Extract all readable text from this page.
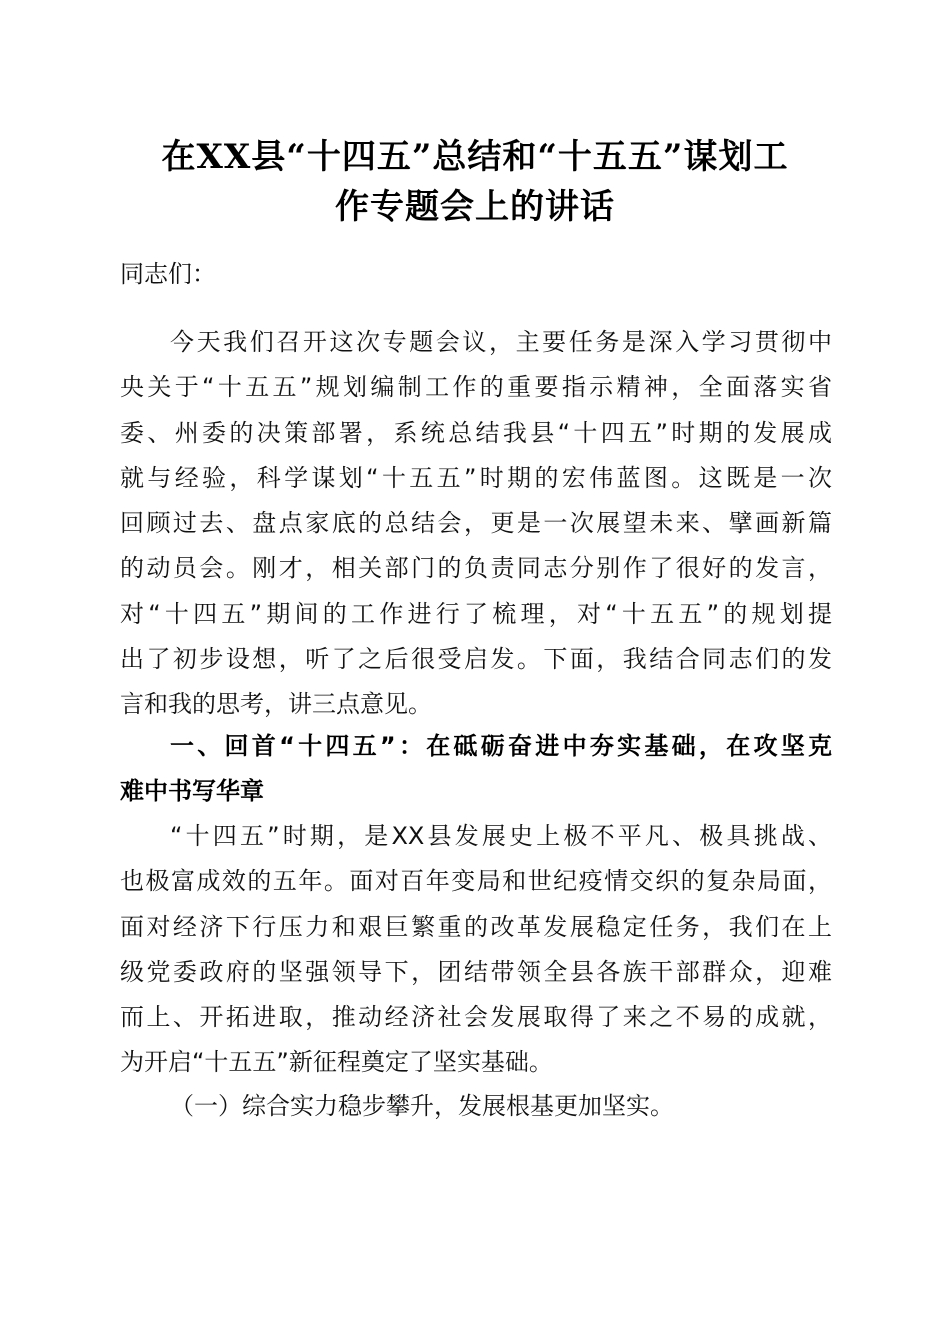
在XX县“十四五”总结和“十五五”谋划工
作专题会上的讲话
同志们：
今天我们召开这次专题会议，主要任务是深入学习贯彻中
央关于“十五五”规划编制工作的重要指示精神，全面落实省
委、州委的决策部署，系统总结我县“十四五”时期的发展成
就与经验，科学谋划“十五五”时期的宏伟蓝图。这既是一次
回顾过去、盘点家底的总结会，更是一次展望未来、擘画新篇
的动员会。刚才，相关部门的负责同志分别作了很好的发言，
对“十四五”期间的工作进行了梳理，对“十五五”的规划提
出了初步设想，听了之后很受启发。下面，我结合同志们的发
言和我的思考，讲三点意见。
一、回首“十四五”：在砥砺奋进中夯实基础，在攻坚克
难中书写华章
“十四五”时期，是XX县发展史上极不平凡、极具挑战、
也极富成效的五年。面对百年变局和世纪疫情交织的复杂局面，
面对经济下行压力和艰巨繁重的改革发展稳定任务，我们在上
级党委政府的坚强领导下，团结带领全县各族干部群众，迎难
而上、开拓进取，推动经济社会发展取得了来之不易的成就，
为开启“十五五”新征程奠定了坚实基础。
（一）综合实力稳步攀升，发展根基更加坚实。
